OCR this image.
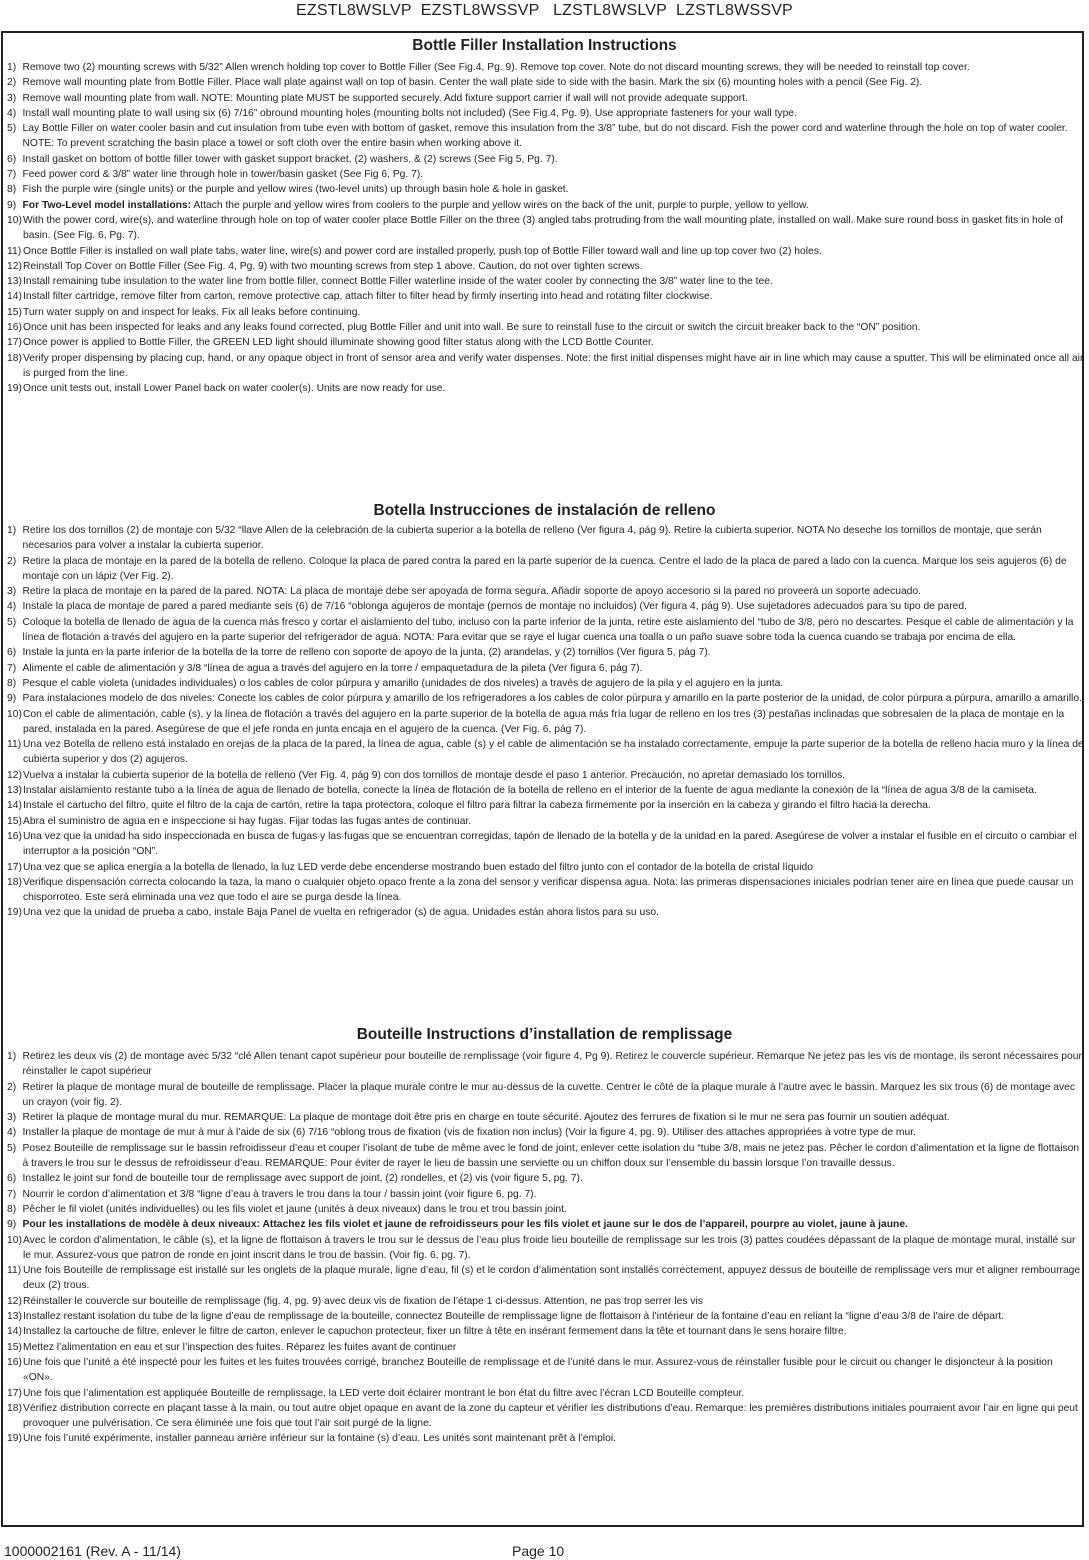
EZSTL8WSLVP  EZSTL8WSSVP   LZSTL8WSLVP  LZSTL8WSSVP
Bottle Filler Installation Instructions
1) Remove two (2) mounting screws with 5/32” Allen wrench holding top cover to Bottle Filler (See Fig.4, Pg. 9). Remove top cover. Note do not discard mounting screws, they will be needed to reinstall top cover.
2) Remove wall mounting plate from Bottle Filler. Place wall plate against wall on top of basin. Center the wall plate side to side with the basin. Mark the six (6) mounting holes with a pencil (See Fig. 2).
3) Remove wall mounting plate from wall. NOTE: Mounting plate MUST be supported securely. Add fixture support carrier if wall will not provide adequate support.
4) Install wall mounting plate to wall using six (6) 7/16” obround mounting holes (mounting bolts not included) (See Fig.4, Pg. 9). Use appropriate fasteners for your wall type.
5) Lay Bottle Filler on water cooler basin and cut insulation from tube even with bottom of gasket, remove this insulation from the 3/8” tube, but do not discard. Fish the power cord and waterline through the hole on top of water cooler. NOTE: To prevent scratching the basin place a towel or soft cloth over the entire basin when working above it.
6) Install gasket on bottom of bottle filler tower with gasket support bracket, (2) washers, & (2) screws (See Fig 5, Pg. 7).
7) Feed power cord & 3/8” water line through hole in tower/basin gasket (See Fig 6, Pg. 7).
8) Fish the purple wire (single units) or the purple and yellow wires (two-level units) up through basin hole & hole in gasket.
9) For Two-Level model installations: Attach the purple and yellow wires from coolers to the purple and yellow wires on the back of the unit, purple to purple, yellow to yellow.
10) With the power cord, wire(s), and waterline through hole on top of water cooler place Bottle Filler on the three (3) angled tabs protruding from the wall mounting plate, installed on wall. Make sure round boss in gasket fits in hole of basin. (See Fig. 6, Pg. 7).
11) Once Bottle Filler is installed on wall plate tabs, water line, wire(s) and power cord are installed properly, push top of Bottle Filler toward wall and line up top cover two (2) holes.
12) Reinstall Top Cover on Bottle Filler (See Fig. 4, Pg. 9) with two mounting screws from step 1 above. Caution, do not over tighten screws.
13) Install remaining tube insulation to the water line from bottle filler, connect Bottle Filler waterline inside of the water cooler by connecting the 3/8” water line to the tee.
14) Install filter cartridge, remove filter from carton, remove protective cap, attach filter to filter head by firmly inserting into head and rotating filter clockwise.
15) Turn water supply on and inspect for leaks. Fix all leaks before continuing.
16) Once unit has been inspected for leaks and any leaks found corrected, plug Bottle Filler and unit into wall. Be sure to reinstall fuse to the circuit or switch the circuit breaker back to the “ON” position.
17) Once power is applied to Bottle Filler, the GREEN LED light should illuminate showing good filter status along with the LCD Bottle Counter.
18) Verify proper dispensing by placing cup, hand, or any opaque object in front of sensor area and verify water dispenses. Note: the first initial dispenses might have air in line which may cause a sputter. This will be eliminated once all air is purged from the line.
19) Once unit tests out, install Lower Panel back on water cooler(s). Units are now ready for use.
Botella Instrucciones de instalación de relleno
1) Retire los dos tornillos (2) de montaje con 5/32 “llave Allen de la celebración de la cubierta superior a la botella de relleno (Ver figura 4, pág 9). Retire la cubierta superior. NOTA No deseche los tornillos de montaje, que serán necesarios para volver a instalar la cubierta superior.
2) Retire la placa de montaje en la pared de la botella de relleno. Coloque la placa de pared contra la pared en la parte superior de la cuenca. Centre el lado de la placa de pared a lado con la cuenca. Marque los seis agujeros (6) de montaje con un lápiz (Ver Fig. 2).
3) Retire la placa de montaje en la pared de la pared. NOTA: La placa de montaje debe ser apoyada de forma segura. Añadir soporte de apoyo accesorio si la pared no proveerá un soporte adecuado.
4) Instale la placa de montaje de pared a pared mediante seis (6) de 7/16 “oblonga agujeros de montaje (pernos de montaje no incluidos) (Ver figura 4, pág 9). Use sujetadores adecuados para su tipo de pared.
5) Coloque la botella de llenado de agua de la cuenca más fresco y cortar el aislamiento del tubo, incluso con la parte inferior de la junta, retire este aislamiento del “tubo de 3/8, pero no descartes. Pesque el cable de alimentación y la línea de flotación a través del agujero en la parte superior del refrigerador de agua. NOTA: Para evitar que se raye el lugar cuenca una toalla o un paño suave sobre toda la cuenca cuando se trabaja por encima de ella.
6) Instale la junta en la parte inferior de la botella de la torre de relleno con soporte de apoyo de la junta, (2) arandelas, y (2) tornillos (Ver figura 5, pág 7).
7) Alimente el cable de alimentación y 3/8 “línea de agua a través del agujero en la torre / empaquetadura de la pileta (Ver figura 6, pág 7).
8) Pesque el cable violeta (unidades individuales) o los cables de color púrpura y amarillo (unidades de dos niveles) a través de agujero de la pila y el agujero en la junta.
9) Para instalaciones modelo de dos niveles: Conecte los cables de color púrpura y amarillo de los refrigeradores a los cables de color púrpura y amarillo en la parte posterior de la unidad, de color púrpura a púrpura, amarillo a amarillo.
10) Con el cable de alimentación, cable (s), y la línea de flotación a través del agujero en la parte superior de la botella de agua más fría lugar de relleno en los tres (3) pestañas inclinadas que sobresalen de la placa de montaje en la pared, instalada en la pared. Asegúrese de que el jefe ronda en junta encaja en el agujero de la cuenca. (Ver Fig. 6, pág 7).
11) Una vez Botella de relleno está instalado en orejas de la placa de la pared, la línea de agua, cable (s) y el cable de alimentación se ha instalado correctamente, empuje la parte superior de la botella de relleno hacia muro y la línea de cubierta superior y dos (2) agujeros.
12) Vuelva a instalar la cubierta superior de la botella de relleno (Ver Fig. 4, pág 9) con dos tornillos de montaje desde el paso 1 anterior. Precaución, no apretar demasiado los tornillos.
13) Instalar aislamiento restante tubo a la línea de agua de llenado de botella, conecte la línea de flotación de la botella de relleno en el interior de la fuente de agua mediante la conexión de la “línea de agua 3/8 de la camiseta.
14) Instale el cartucho del filtro, quite el filtro de la caja de cartón, retire la tapa protectora, coloque el filtro para filtrar la cabeza firmemente por la inserción en la cabeza y girando el filtro hacia la derecha.
15) Abra el suministro de agua en e inspeccione si hay fugas. Fijar todas las fugas antes de continuar.
16) Una vez que la unidad ha sido inspeccionada en busca de fugas y las fugas que se encuentran corregidas, tapón de llenado de la botella y de la unidad en la pared. Asegúrese de volver a instalar el fusible en el circuito o cambiar el interruptor a la posición “ON”.
17) Una vez que se aplica energía a la botella de llenado, la luz LED verde debe encenderse mostrando buen estado del filtro junto con el contador de la botella de cristal líquido
18) Verifique dispensación correcta colocando la taza, la mano o cualquier objeto opaco frente a la zona del sensor y verificar dispensa agua. Nota: las primeras dispensaciones iniciales podrían tener aire en línea que puede causar un chisporroteo. Este será eliminada una vez que todo el aire se purga desde la línea.
19) Una vez que la unidad de prueba a cabo, instale Baja Panel de vuelta en refrigerador (s) de agua. Unidades están ahora listos para su uso.
Bouteille Instructions d’installation de remplissage
1) Retirez les deux vis (2) de montage avec 5/32 “clé Allen tenant capot supérieur pour bouteille de remplissage (voir figure 4, Pg 9). Retirez le couvercle supérieur. Remarque Ne jetez pas les vis de montage, ils seront nécessaires pour réinstaller le capot supérieur
2) Retirer la plaque de montage mural de bouteille de remplissage. Placer la plaque murale contre le mur au-dessus de la cuvette. Centrer le côté de la plaque murale à l’autre avec le bassin. Marquez les six trous (6) de montage avec un crayon (voir fig. 2).
3) Retirer la plaque de montage mural du mur. REMARQUE: La plaque de montage doit être pris en charge en toute sécurité. Ajoutez des ferrures de fixation si le mur ne sera pas fournir un soutien adéquat.
4) Installer la plaque de montage de mur à mur à l’aide de six (6) 7/16 “oblong trous de fixation (vis de fixation non inclus) (Voir la figure 4, pg. 9). Utiliser des attaches appropriées à votre type de mur.
5) Posez Bouteille de remplissage sur le bassin refroidisseur d’eau et couper l’isolant de tube de même avec le fond de joint, enlever cette isolation du “tube 3/8, mais ne jetez pas. Pêcher le cordon d’alimentation et la ligne de flottaison à travers le trou sur le dessus de refroidisseur d’eau. REMARQUE: Pour éviter de rayer le lieu de bassin une serviette ou un chiffon doux sur l’ensemble du bassin lorsque l’on travaille dessus.
6) Installez le joint sur fond de bouteille tour de remplissage avec support de joint, (2) rondelles, et (2) vis (voir figure 5, pg. 7).
7) Nourrir le cordon d’alimentation et 3/8 “ligne d’eau à travers le trou dans la tour / bassin joint (voir figure 6, pg. 7).
8) Pêcher le fil violet (unités individuelles) ou les fils violet et jaune (unités à deux niveaux) dans le trou et trou bassin joint.
9) Pour les installations de modèle à deux niveaux: Attachez les fils violet et jaune de refroidisseurs pour les fils violet et jaune sur le dos de l’appareil, pourpre au violet, jaune à jaune.
10) Avec le cordon d’alimentation, le câble (s), et la ligne de flottaison à travers le trou sur le dessus de l’eau plus froide lieu bouteille de remplissage sur les trois (3) pattes coudées dépassant de la plaque de montage mural, installé sur le mur. Assurez-vous que patron de ronde en joint inscrit dans le trou de bassin. (Voir fig. 6, pg. 7).
11) Une fois Bouteille de remplissage est installé sur les onglets de la plaque murale, ligne d’eau, fil (s) et le cordon d’alimentation sont installés correctement, appuyez dessus de bouteille de remplissage vers mur et aligner rembourrage deux (2) trous.
12) Réinstaller le couvercle sur bouteille de remplissage (fig. 4, pg. 9) avec deux vis de fixation de l’étape 1 ci-dessus. Attention, ne pas trop serrer les vis
13) Installez restant isolation du tube de la ligne d’eau de remplissage de la bouteille, connectez Bouteille de remplissage ligne de flottaison à l’intérieur de la fontaine d’eau en reliant la “ligne d’eau 3/8 de l’aire de départ.
14) Installez la cartouche de filtre, enlever le filtre de carton, enlever le capuchon protecteur, fixer un filtre à tête en insérant fermement dans la tête et tournant dans le sens horaire filtre.
15) Mettez l’alimentation en eau et sur l’inspection des fuites. Réparez les fuites avant de continuer
16) Une fois que l’unité a été inspecté pour les fuites et les fuites trouvées corrigé, branchez Bouteille de remplissage et de l’unité dans le mur. Assurez-vous de réinstaller fusible pour le circuit ou changer le disjoncteur à la position «ON».
17) Une fois que l’alimentation est appliquée Bouteille de remplissage, la LED verte doit éclairer montrant le bon état du filtre avec l’écran LCD Bouteille compteur.
18) Vérifiez distribution correcte en plaçant tasse à la main, ou tout autre objet opaque en avant de la zone du capteur et vérifier les distributions d’eau. Remarque: les premières distributions initiales pourraient avoir l’air en ligne qui peut provoquer une pulvérisation. Ce sera éliminée une fois que tout l’air soit purgé de la ligne.
19) Une fois l’unité expérimente, installer panneau arrière inférieur sur la fontaine (s) d’eau. Les unités sont maintenant prêt à l’emploi.
1000002161 (Rev. A - 11/14)	Page 10
